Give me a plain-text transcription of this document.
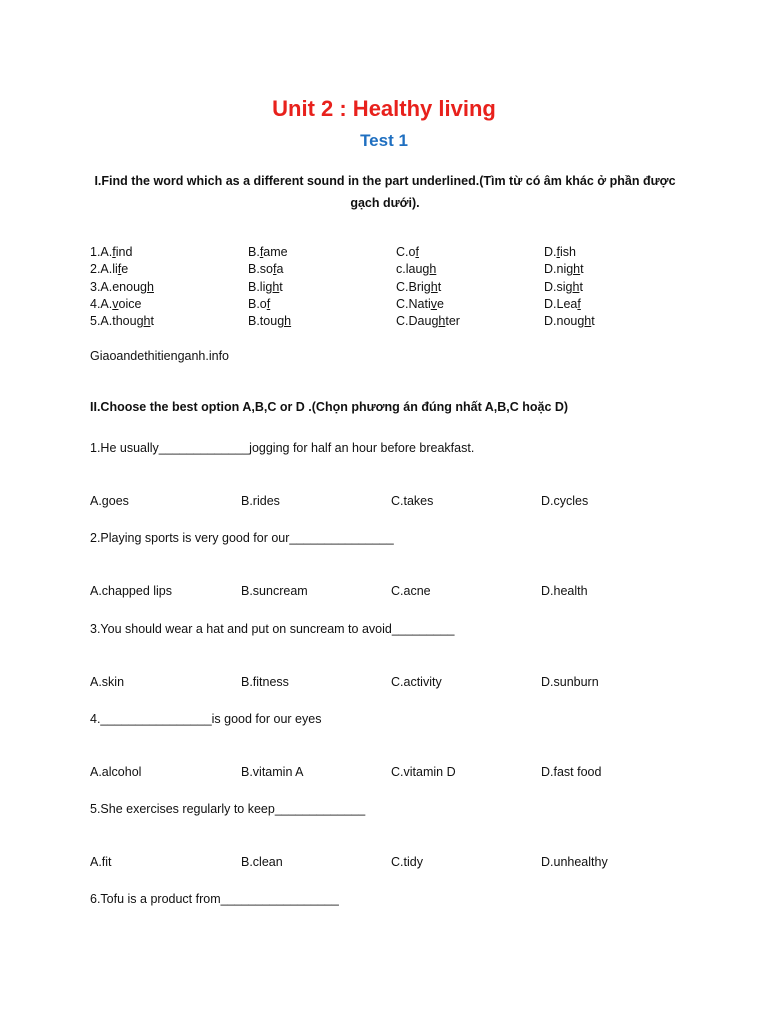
Unit 2 : Healthy living
Test 1
I.Find the word which as a different sound in the part underlined.(Tìm từ có âm khác ở phần được gạch dưới).
1.A.find	B.fame	C.of	D.fish
2.A.life	B.sofa	c.laugh	D.night
3.A.enough	B.light	C.Bright	D.sight
4.A.voice	B.of	C.Native	D.Leaf
5.A.thought	B.tough	C.Daughter	D.nought
Giaoandethitienganh.info
II.Choose the best option A,B,C or D .(Chọn phương án đúng nhất A,B,C hoặc D)
1.He usually_____________jogging for half an hour before breakfast.
A.goes	B.rides	C.takes	D.cycles
2.Playing sports is very good for our_______________
A.chapped lips	B.suncream	C.acne	D.health
3.You should wear a hat and put on suncream to avoid_________
A.skin	B.fitness	C.activity	D.sunburn
4.________________is good for our eyes
A.alcohol	B.vitamin A	C.vitamin D	D.fast food
5.She exercises regularly to keep_____________
A.fit	B.clean	C.tidy	D.unhealthy
6.Tofu is a product from_________________
